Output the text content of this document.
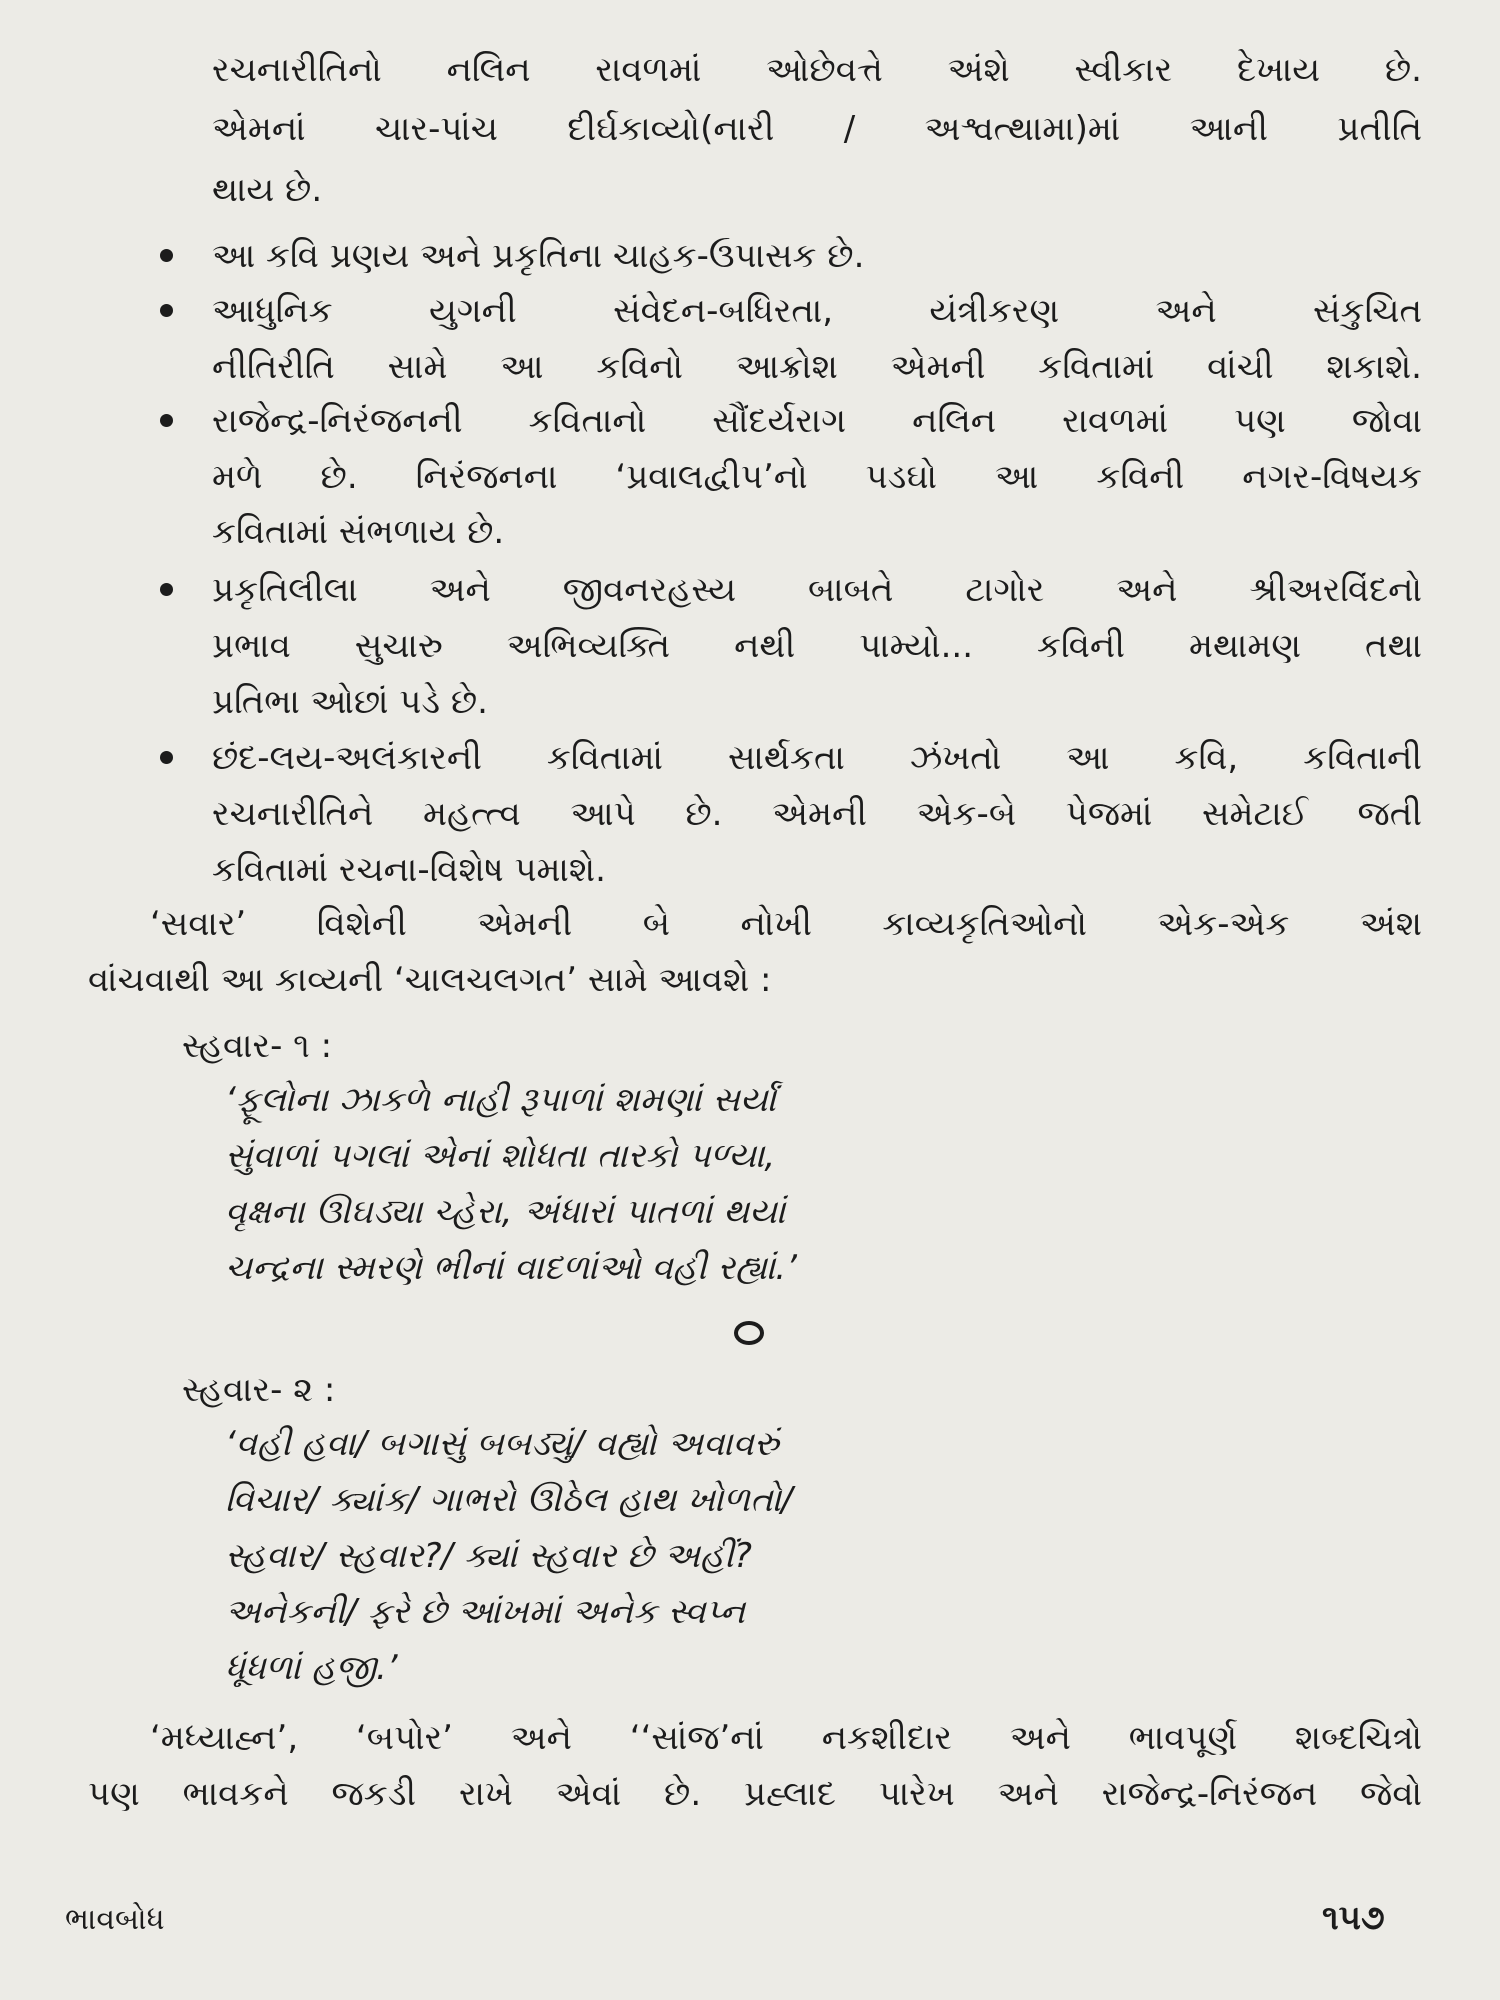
રચનારીતિનો નલિન રાવળમાં ઓછેવત્તે અંશે સ્વીકાર દેખાય છે.
એમનાં ચાર-પાંચ દીર્ઘકાવ્યો(નારી / અશ્વત્થામા)માં આની પ્રતીતિ
થાય છે.
આ કવિ પ્રણય અને પ્રકૃતિના ચાહક-ઉપાસક છે.
આધુનિક યુગની સંવેદન-બધિરતા, યંત્રીકરણ અને સંકુચિત
નીતિરીતિ સામે આ કવિનો આક્રોશ એમની કવિતામાં વાંચી શકાશે.
રાજેન્દ્ર-નિરંજનની કવિતાનો સૌંદર્યરાગ નલિન રાવળમાં પણ જોવા
મળે છે. નિરંજનના ‘પ્રવાલદ્વીપ’નો પડઘો આ કવિની નગર-વિષયક
કવિતામાં સંભળાય છે.
પ્રકૃતિલીલા અને જીવનરહસ્ય બાબતે ટાગોર અને શ્રીઅરવિંદનો
પ્રભાવ સુચારુ અભિવ્યક્તિ નથી પામ્યો... કવિની મથામણ તથા
પ્રતિભા ઓછાં પડે છે.
છંદ-લય-અલંકારની કવિતામાં સાર્થકતા ઝંખતો આ કવિ, કવિતાની
રચનારીતિને મહત્ત્વ આપે છે. એમની એક-બે પેજમાં સમેટાઈ જતી
કવિતામાં રચના-વિશેષ પમાશે.
‘સવાર’ વિશેની એમની બે નોખી કાવ્યકૃતિઓનો એક-એક અંશ
વાંચવાથી આ કાવ્યની ‘ચાલચલગત’ સામે આવશે :
સ્હવાર- ૧ :
‘ફૂલોના ઝાકળે નાહી રૂપાળાં શમણાં સર્યાં
સુંવાળાં પગલાં એનાં શોધતા તારકો પળ્યા,
વૃક્ષના ઊઘડ્યા ચ્હેરા, અંધારાં પાતળાં થયાં
ચન્દ્રના સ્મરણે ભીનાં વાદળાંઓ વહી રહ્યાં.’
સ્હવાર- ૨ :
‘વહી હવા/ બગાસું બબડ્યું/ વહ્યો અવાવરું
વિચાર/ ક્યાંક/ ગાભરો ઊઠેલ હાથ ખોળતો/
સ્હવાર/ સ્હવાર?/ ક્યાં સ્હવાર છે અહીં?
અનેકની/ ફરે છે આંખમાં અનેક સ્વપ્ન
ધૂંધળાં હજી.’
‘મધ્યાહ્ન’, ‘બપોર’ અને ‘‘સાંજ’નાં નકશીદાર અને ભાવપૂર્ણ શબ્દચિત્રો
પણ ભાવકને જકડી રાખે એવાં છે. પ્રહ્લાદ પારેખ અને રાજેન્દ્ર-નિરંજન જેવો
ભાવબોધ	૧૫૭
